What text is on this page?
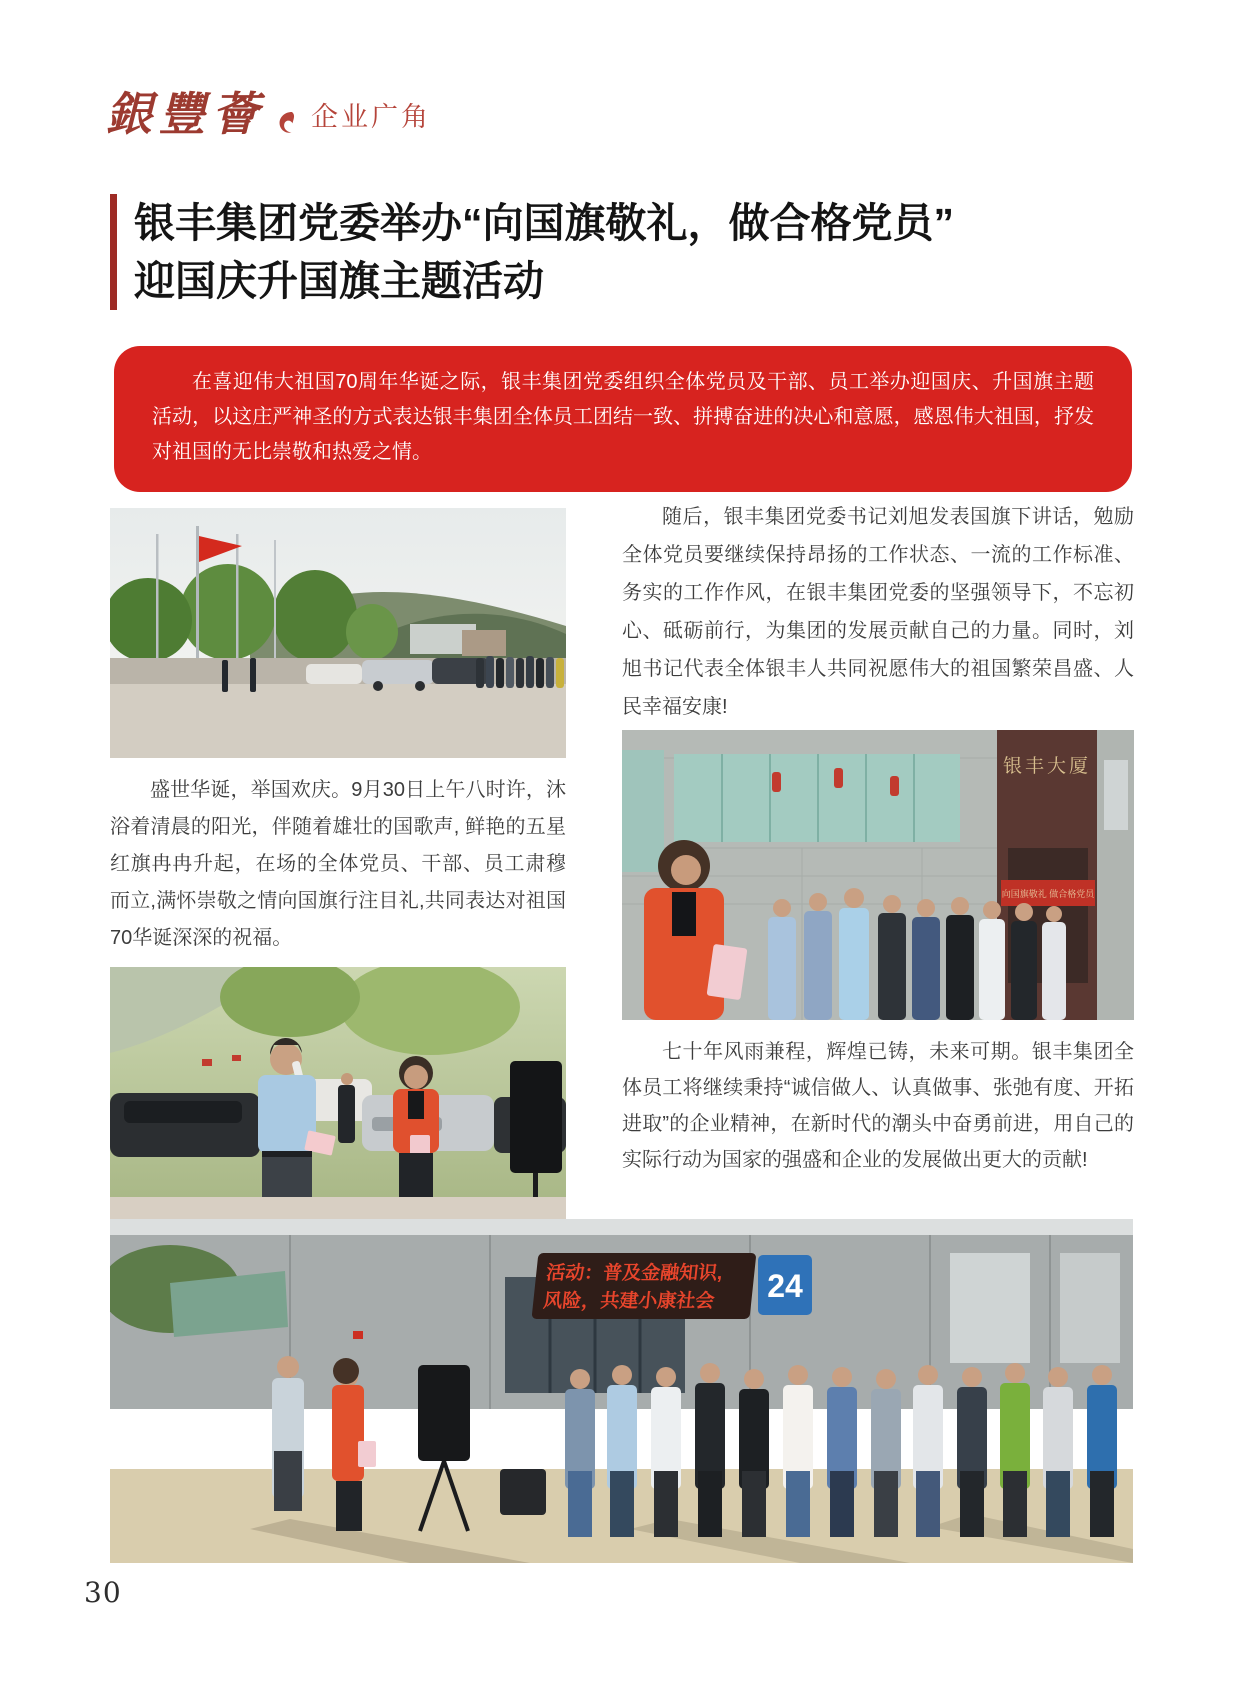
銀豐薈 企业广角
银丰集团党委举办“向国旗敬礼，做合格党员”
迎国庆升国旗主题活动

在喜迎伟大祖国70周年华诞之际，银丰集团党委组织全体党员及干部、员工举办迎国庆、升国旗主题活动，以这庄严神圣的方式表达银丰集团全体员工团结一致、拼搏奋进的决心和意愿，感恩伟大祖国，抒发对祖国的无比崇敬和热爱之情。

盛世华诞，举国欢庆。9月30日上午八时许，沐浴着清晨的阳光，伴随着雄壮的国歌声, 鲜艳的五星红旗冉冉升起，在场的全体党员、干部、员工肃穆而立,满怀崇敬之情向国旗行注目礼,共同表达对祖国70华诞深深的祝福。

随后，银丰集团党委书记刘旭发表国旗下讲话，勉励全体党员要继续保持昂扬的工作状态、一流的工作标准、务实的工作作风，在银丰集团党委的坚强领导下，不忘初心、砥砺前行，为集团的发展贡献自己的力量。同时，刘旭书记代表全体银丰人共同祝愿伟大的祖国繁荣昌盛、人民幸福安康!

银丰大厦
向国旗敬礼 做合格党员

七十年风雨兼程，辉煌已铸，未来可期。银丰集团全体员工将继续秉持“诚信做人、认真做事、张弛有度、开拓进取”的企业精神，在新时代的潮头中奋勇前进，用自己的实际行动为国家的强盛和企业的发展做出更大的贡献!

活动：普及金融知识,
风险，共建小康社会 24
30
